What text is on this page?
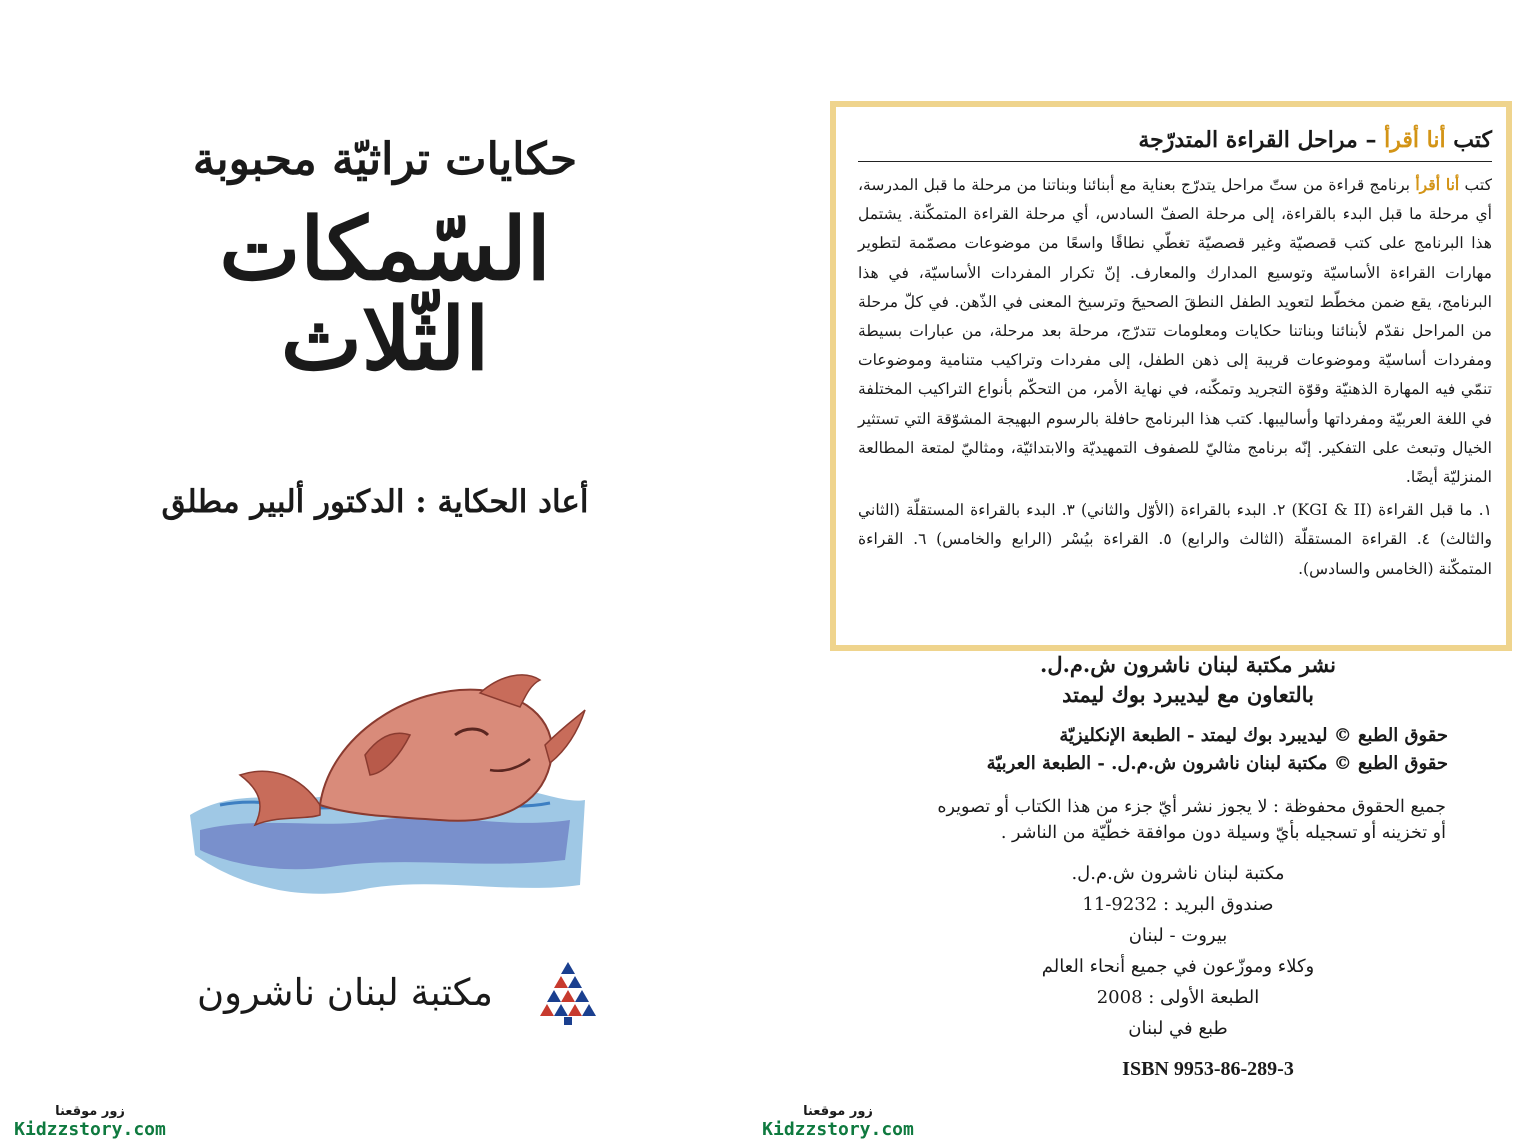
حكايات تراثيّة محبوبة
السّمكات
الثّلاث
أعاد الحكاية : الدكتور ألبير مطلق
مكتبة لبنان ناشرون
زور موقعنا
Kidzzstory.com
كتب أنا أقرأ – مراحل القراءة المتدرّجة

كتب أنا أقرأ برنامج قراءة من ستّ مراحل يتدرّج بعناية مع أبنائنا وبناتنا من مرحلة ما قبل المدرسة، أي مرحلة ما قبل البدء بالقراءة، إلى مرحلة الصفّ السادس، أي مرحلة القراءة المتمكّنة. يشتمل هذا البرنامج على كتب قصصيّة وغير قصصيّة تغطّي نطاقًا واسعًا من موضوعات مصمّمة لتطوير مهارات القراءة الأساسيّة وتوسيع المدارك والمعارف. إنّ تكرار المفردات الأساسيّة، في هذا البرنامج، يقع ضمن مخطّط لتعويد الطفل النطقَ الصحيحَ وترسيخ المعنى في الذّهن. في كلّ مرحلة من المراحل نقدّم لأبنائنا وبناتنا حكايات ومعلومات تتدرّج، مرحلة بعد مرحلة، من عبارات بسيطة ومفردات أساسيّة وموضوعات قريبة إلى ذهن الطفل، إلى مفردات وتراكيب متنامية وموضوعات تنمّي فيه المهارة الذهنيّة وقوّة التجريد وتمكّنه، في نهاية الأمر، من التحكّم بأنواع التراكيب المختلفة في اللغة العربيّة ومفرداتها وأساليبها. كتب هذا البرنامج حافلة بالرسوم البهيجة المشوّقة التي تستثير الخيال وتبعث على التفكير. إنّه برنامج مثاليّ للصفوف التمهيديّة والابتدائيّة، ومثاليّ لمتعة المطالعة المنزليّة أيضًا.

١. ما قبل القراءة (KGI & II) ٢. البدء بالقراءة (الأوّل والثاني) ٣. البدء بالقراءة المستقلّة (الثاني والثالث) ٤. القراءة المستقلّة (الثالث والرابع) ٥. القراءة بيُسْر (الرابع والخامس) ٦. القراءة المتمكّنة (الخامس والسادس).

نشر مكتبة لبنان ناشرون ش.م.ل.
بالتعاون مع ليديبرد بوك ليمتد
حقوق الطبع © ليديبرد بوك ليمتد - الطبعة الإنكليزيّة
حقوق الطبع © مكتبة لبنان ناشرون ش.م.ل. - الطبعة العربيّة
جميع الحقوق محفوظة : لا يجوز نشر أيّ جزء من هذا الكتاب أو تصويره
أو تخزينه أو تسجيله بأيّ وسيلة دون موافقة خطّيّة من الناشر .
مكتبة لبنان ناشرون ش.م.ل.
صندوق البريد : 9232-11
بيروت - لبنان
وكلاء وموزّعون في جميع أنحاء العالم
الطبعة الأولى : 2008
طبع في لبنان
ISBN 9953-86-289-3
زور موقعنا
Kidzzstory.com
